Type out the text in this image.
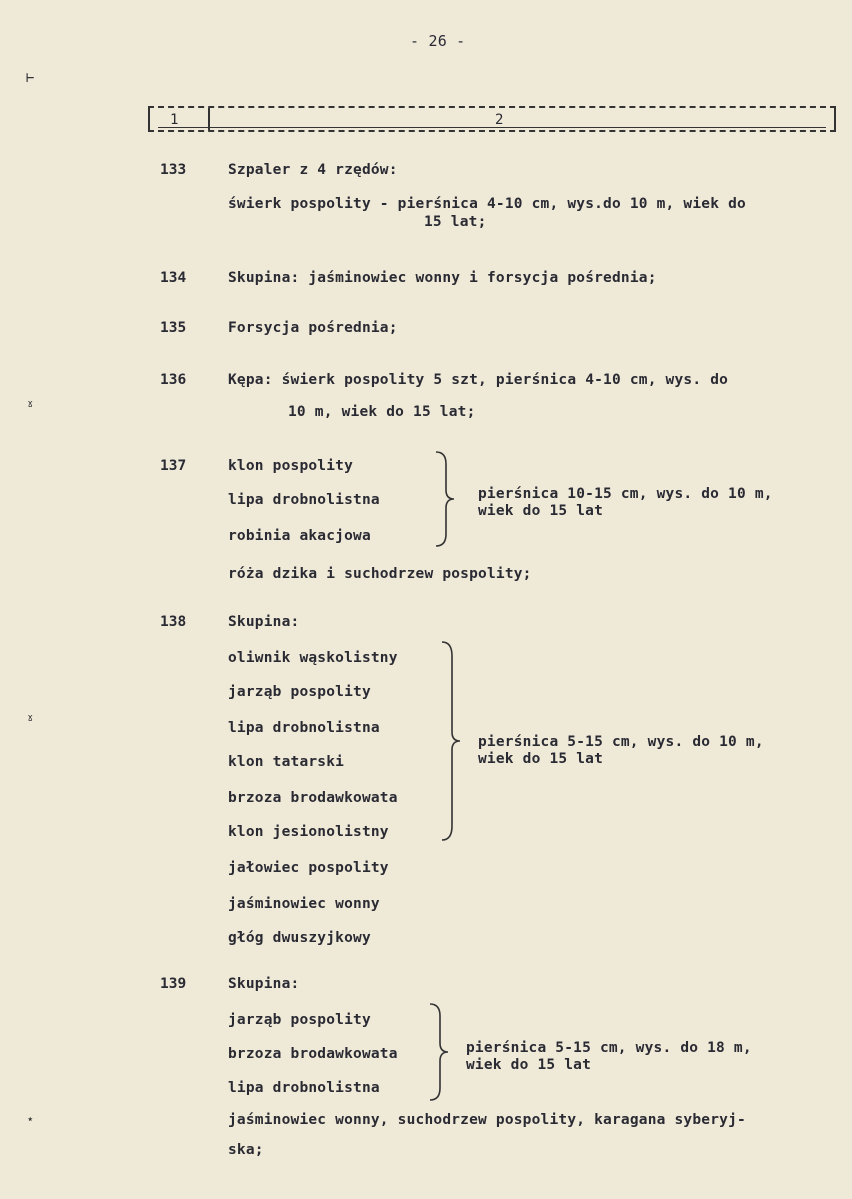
- 26 -
⊢
ˠ
ˠ
⋆
1	2
133	Szpaler z 4 rzędów:
świerk pospolity - pierśnica 4-10 cm, wys.do 10 m, wiek do
15 lat;
134	Skupina: jaśminowiec wonny i forsycja pośrednia;
135	Forsycja pośrednia;
136	Kępa: świerk pospolity 5 szt, pierśnica 4-10 cm, wys. do
10 m, wiek do 15 lat;
137	klon pospolity
lipa drobnolistna
robinia akacjowa
pierśnica 10-15 cm, wys. do 10 m,
wiek do 15 lat
róża dzika i suchodrzew pospolity;
138	Skupina:
oliwnik wąskolistny
jarząb pospolity
lipa drobnolistna
klon tatarski
brzoza brodawkowata
klon jesionolistny
pierśnica 5-15 cm, wys. do 10 m,
wiek do 15 lat
jałowiec pospolity
jaśminowiec wonny
głóg dwuszyjkowy
139	Skupina:
jarząb pospolity
brzoza brodawkowata
lipa drobnolistna
pierśnica 5-15 cm, wys. do 18 m,
wiek do 15 lat
jaśminowiec wonny, suchodrzew pospolity, karagana syberyj-
ska;
